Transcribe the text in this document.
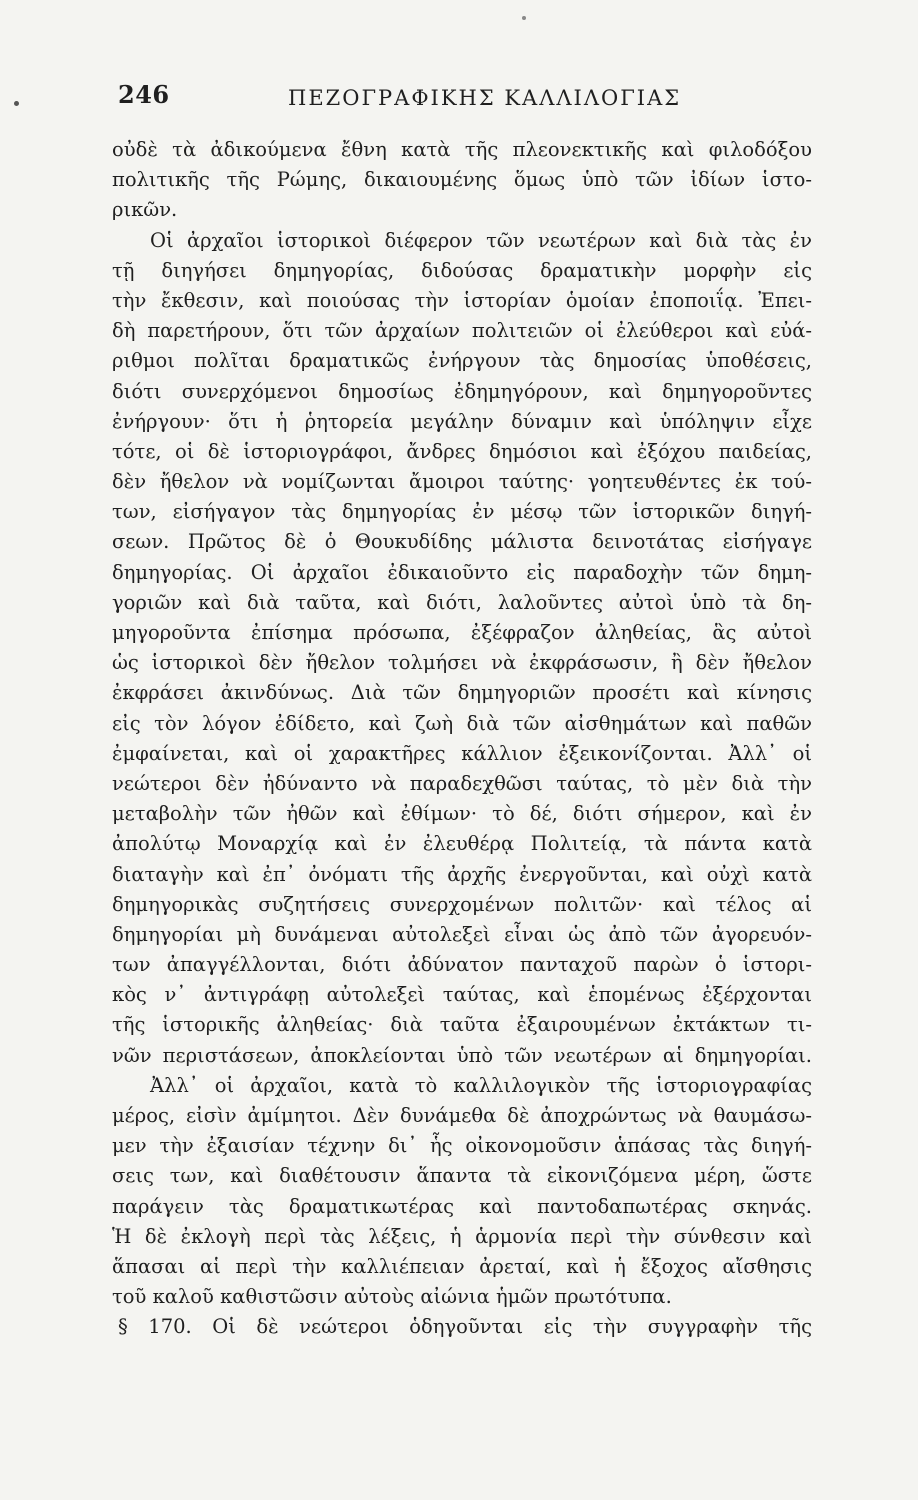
246	ΠΕΖΟΓΡΑΦΙΚΗΣ ΚΑΛΛΙΛΟΓΙΑΣ
οὐδὲ τὰ ἀδικούμενα ἔθνη κατὰ τῆς πλεονεκτικῆς καὶ φιλοδόξου
πολιτικῆς τῆς Ρώμης, δικαιουμένης ὅμως ὑπὸ τῶν ἰδίων ἱστο-
ρικῶν.
Οἱ ἀρχαῖοι ἱστορικοὶ διέφερον τῶν νεωτέρων καὶ διὰ τὰς ἐν
τῇ διηγήσει δημηγορίας, διδούσας δραματικὴν μορφὴν εἰς
τὴν ἔκθεσιν, καὶ ποιούσας τὴν ἱστορίαν ὁμοίαν ἐποποιΐᾳ. Ἐπει-
δὴ παρετήρουν, ὅτι τῶν ἀρχαίων πολιτειῶν οἱ ἐλεύθεροι καὶ εὐά-
ριθμοι πολῖται δραματικῶς ἐνήργουν τὰς δημοσίας ὑποθέσεις,
διότι συνερχόμενοι δημοσίως ἐδημηγόρουν, καὶ δημηγοροῦντες
ἐνήργουν· ὅτι ἡ ῥητορεία μεγάλην δύναμιν καὶ ὑπόληψιν εἶχε
τότε, οἱ δὲ ἱστοριογράφοι, ἄνδρες δημόσιοι καὶ ἐξόχου παιδείας,
δὲν ἤθελον νὰ νομίζωνται ἄμοιροι ταύτης· γοητευθέντες ἐκ τού-
των, εἰσήγαγον τὰς δημηγορίας ἐν μέσῳ τῶν ἱστορικῶν διηγή-
σεων. Πρῶτος δὲ ὁ Θουκυδίδης μάλιστα δεινοτάτας εἰσήγαγε
δημηγορίας. Οἱ ἀρχαῖοι ἐδικαιοῦντο εἰς παραδοχὴν τῶν δημη-
γοριῶν καὶ διὰ ταῦτα, καὶ διότι, λαλοῦντες αὐτοὶ ὑπὸ τὰ δη-
μηγοροῦντα ἐπίσημα πρόσωπα, ἐξέφραζον ἀληθείας, ἃς αὐτοὶ
ὡς ἱστορικοὶ δὲν ἤθελον τολμήσει νὰ ἐκφράσωσιν, ἢ δὲν ἤθελον
ἐκφράσει ἀκινδύνως. Διὰ τῶν δημηγοριῶν προσέτι καὶ κίνησις
εἰς τὸν λόγον ἐδίδετο, καὶ ζωὴ διὰ τῶν αἰσθημάτων καὶ παθῶν
ἐμφαίνεται, καὶ οἱ χαρακτῆρες κάλλιον ἐξεικονίζονται. Ἀλλ᾽ οἱ
νεώτεροι δὲν ἠδύναντο νὰ παραδεχθῶσι ταύτας, τὸ μὲν διὰ τὴν
μεταβολὴν τῶν ἠθῶν καὶ ἐθίμων· τὸ δέ, διότι σήμερον, καὶ ἐν
ἀπολύτῳ Μοναρχίᾳ καὶ ἐν ἐλευθέρᾳ Πολιτείᾳ, τὰ πάντα κατὰ
διαταγὴν καὶ ἐπ᾽ ὀνόματι τῆς ἀρχῆς ἐνεργοῦνται, καὶ οὐχὶ κατὰ
δημηγορικὰς συζητήσεις συνερχομένων πολιτῶν· καὶ τέλος αἱ
δημηγορίαι μὴ δυνάμεναι αὐτολεξεὶ εἶναι ὡς ἀπὸ τῶν ἀγορευόν-
των ἀπαγγέλλονται, διότι ἀδύνατον πανταχοῦ παρὼν ὁ ἱστορι-
κὸς ν᾽ ἀντιγράφῃ αὐτολεξεὶ ταύτας, καὶ ἑπομένως ἐξέρχονται
τῆς ἱστορικῆς ἀληθείας· διὰ ταῦτα ἐξαιρουμένων ἐκτάκτων τι-
νῶν περιστάσεων, ἀποκλείονται ὑπὸ τῶν νεωτέρων αἱ δημηγορίαι.
Ἀλλ᾽ οἱ ἀρχαῖοι, κατὰ τὸ καλλιλογικὸν τῆς ἱστοριογραφίας
μέρος, εἰσὶν ἀμίμητοι. Δὲν δυνάμεθα δὲ ἀποχρώντως νὰ θαυμάσω-
μεν τὴν ἐξαισίαν τέχνην δι᾽ ἧς οἰκονομοῦσιν ἁπάσας τὰς διηγή-
σεις των, καὶ διαθέτουσιν ἅπαντα τὰ εἰκονιζόμενα μέρη, ὥστε
παράγειν τὰς δραματικωτέρας καὶ παντοδαπωτέρας σκηνάς.
Ἡ δὲ ἐκλογὴ περὶ τὰς λέξεις, ἡ ἁρμονία περὶ τὴν σύνθεσιν καὶ
ἅπασαι αἱ περὶ τὴν καλλιέπειαν ἀρεταί, καὶ ἡ ἔξοχος αἴσθησις
τοῦ καλοῦ καθιστῶσιν αὐτοὺς αἰώνια ἡμῶν πρωτότυπα.
§ 170. Οἱ δὲ νεώτεροι ὁδηγοῦνται εἰς τὴν συγγραφὴν τῆς
